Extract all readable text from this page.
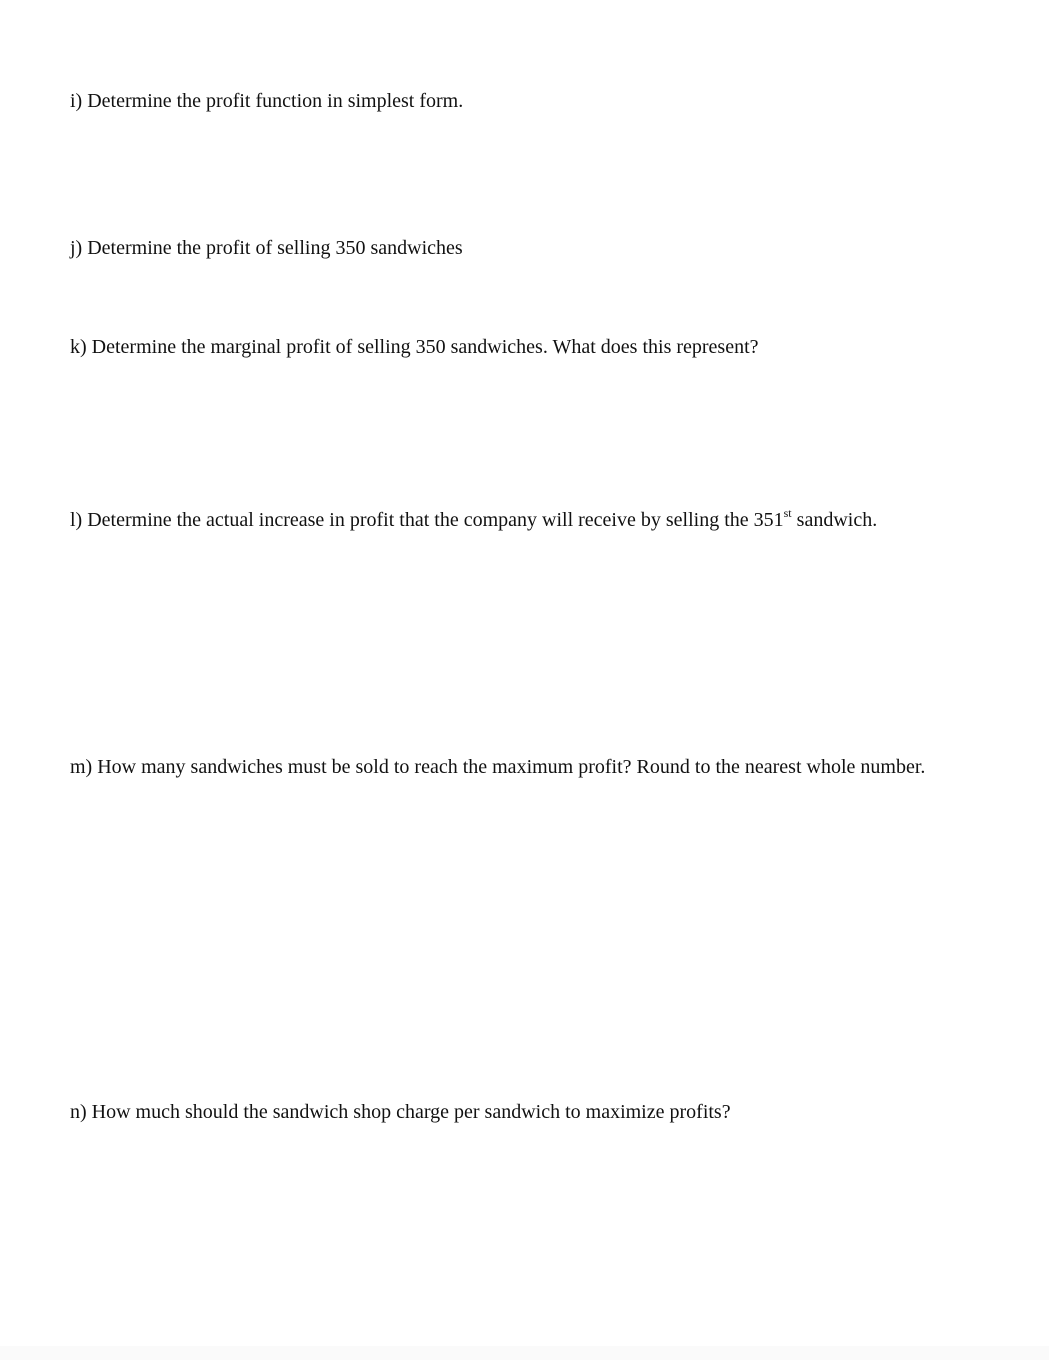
i) Determine the profit function in simplest form.

j) Determine the profit of selling 350 sandwiches

k) Determine the marginal profit of selling 350 sandwiches. What does this represent?

l) Determine the actual increase in profit that the company will receive by selling the 351st sandwich.

m) How many sandwiches must be sold to reach the maximum profit? Round to the nearest whole number.

n) How much should the sandwich shop charge per sandwich to maximize profits?
